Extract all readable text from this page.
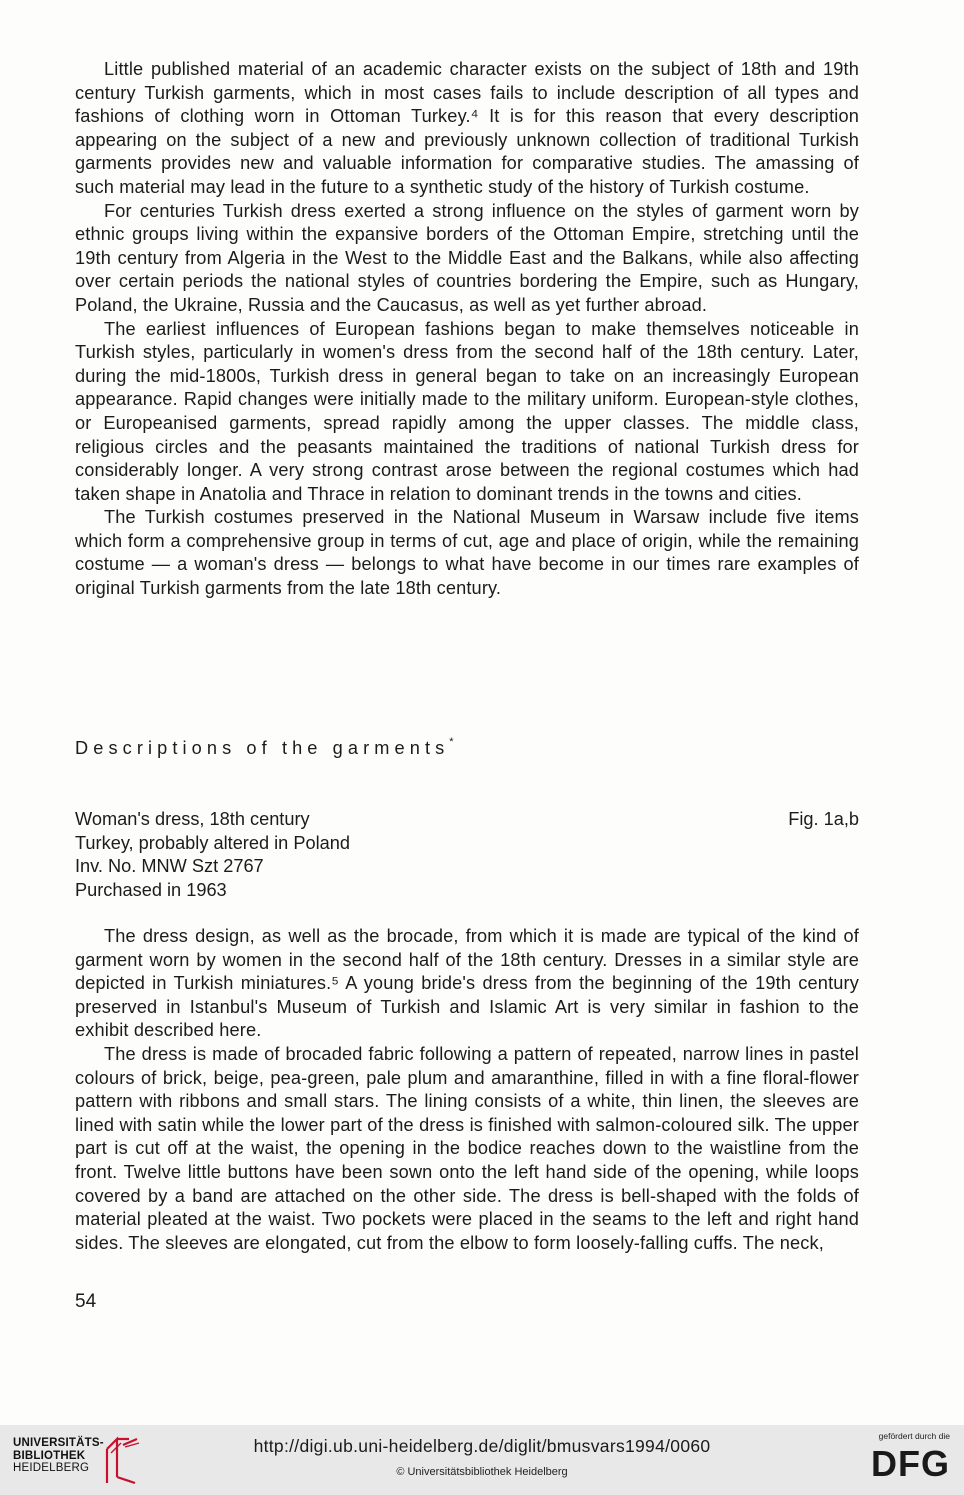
Little published material of an academic character exists on the subject of 18th and 19th century Turkish garments, which in most cases fails to include description of all types and fashions of clothing worn in Ottoman Turkey.⁴ It is for this reason that every description appearing on the subject of a new and previously unknown collection of traditional Turkish garments provides new and valuable information for comparative studies. The amassing of such material may lead in the future to a synthetic study of the history of Turkish costume.

For centuries Turkish dress exerted a strong influence on the styles of garment worn by ethnic groups living within the expansive borders of the Ottoman Empire, stretching until the 19th century from Algeria in the West to the Middle East and the Balkans, while also affecting over certain periods the national styles of countries bordering the Empire, such as Hungary, Poland, the Ukraine, Russia and the Caucasus, as well as yet further abroad.

The earliest influences of European fashions began to make themselves noticeable in Turkish styles, particularly in women's dress from the second half of the 18th century. Later, during the mid-1800s, Turkish dress in general began to take on an increasingly European appearance. Rapid changes were initially made to the military uniform. European-style clothes, or Europeanised garments, spread rapidly among the upper classes. The middle class, religious circles and the peasants maintained the traditions of national Turkish dress for considerably longer. A very strong contrast arose between the regional costumes which had taken shape in Anatolia and Thrace in relation to dominant trends in the towns and cities.

The Turkish costumes preserved in the National Museum in Warsaw include five items which form a comprehensive group in terms of cut, age and place of origin, while the remaining costume — a woman's dress — belongs to what have become in our times rare examples of original Turkish garments from the late 18th century.

Descriptions of the garments*
Woman's dress, 18th century	Fig. 1a,b
Turkey, probably altered in Poland
Inv. No. MNW Szt 2767
Purchased in 1963

The dress design, as well as the brocade, from which it is made are typical of the kind of garment worn by women in the second half of the 18th century. Dresses in a similar style are depicted in Turkish miniatures.⁵ A young bride's dress from the beginning of the 19th century preserved in Istanbul's Museum of Turkish and Islamic Art is very similar in fashion to the exhibit described here.

The dress is made of brocaded fabric following a pattern of repeated, narrow lines in pastel colours of brick, beige, pea-green, pale plum and amaranthine, filled in with a fine floral-flower pattern with ribbons and small stars. The lining consists of a white, thin linen, the sleeves are lined with satin while the lower part of the dress is finished with salmon-coloured silk. The upper part is cut off at the waist, the opening in the bodice reaches down to the waistline from the front. Twelve little buttons have been sown onto the left hand side of the opening, while loops covered by a band are attached on the other side. The dress is bell-shaped with the folds of material pleated at the waist. Two pockets were placed in the seams to the left and right hand sides. The sleeves are elongated, cut from the elbow to form loosely-falling cuffs. The neck,

54
UNIVERSITÄTS-
BIBLIOTHEK
HEIDELBERG
http://digi.ub.uni-heidelberg.de/diglit/bmusvars1994/0060
© Universitätsbibliothek Heidelberg
gefördert durch die
DFG
